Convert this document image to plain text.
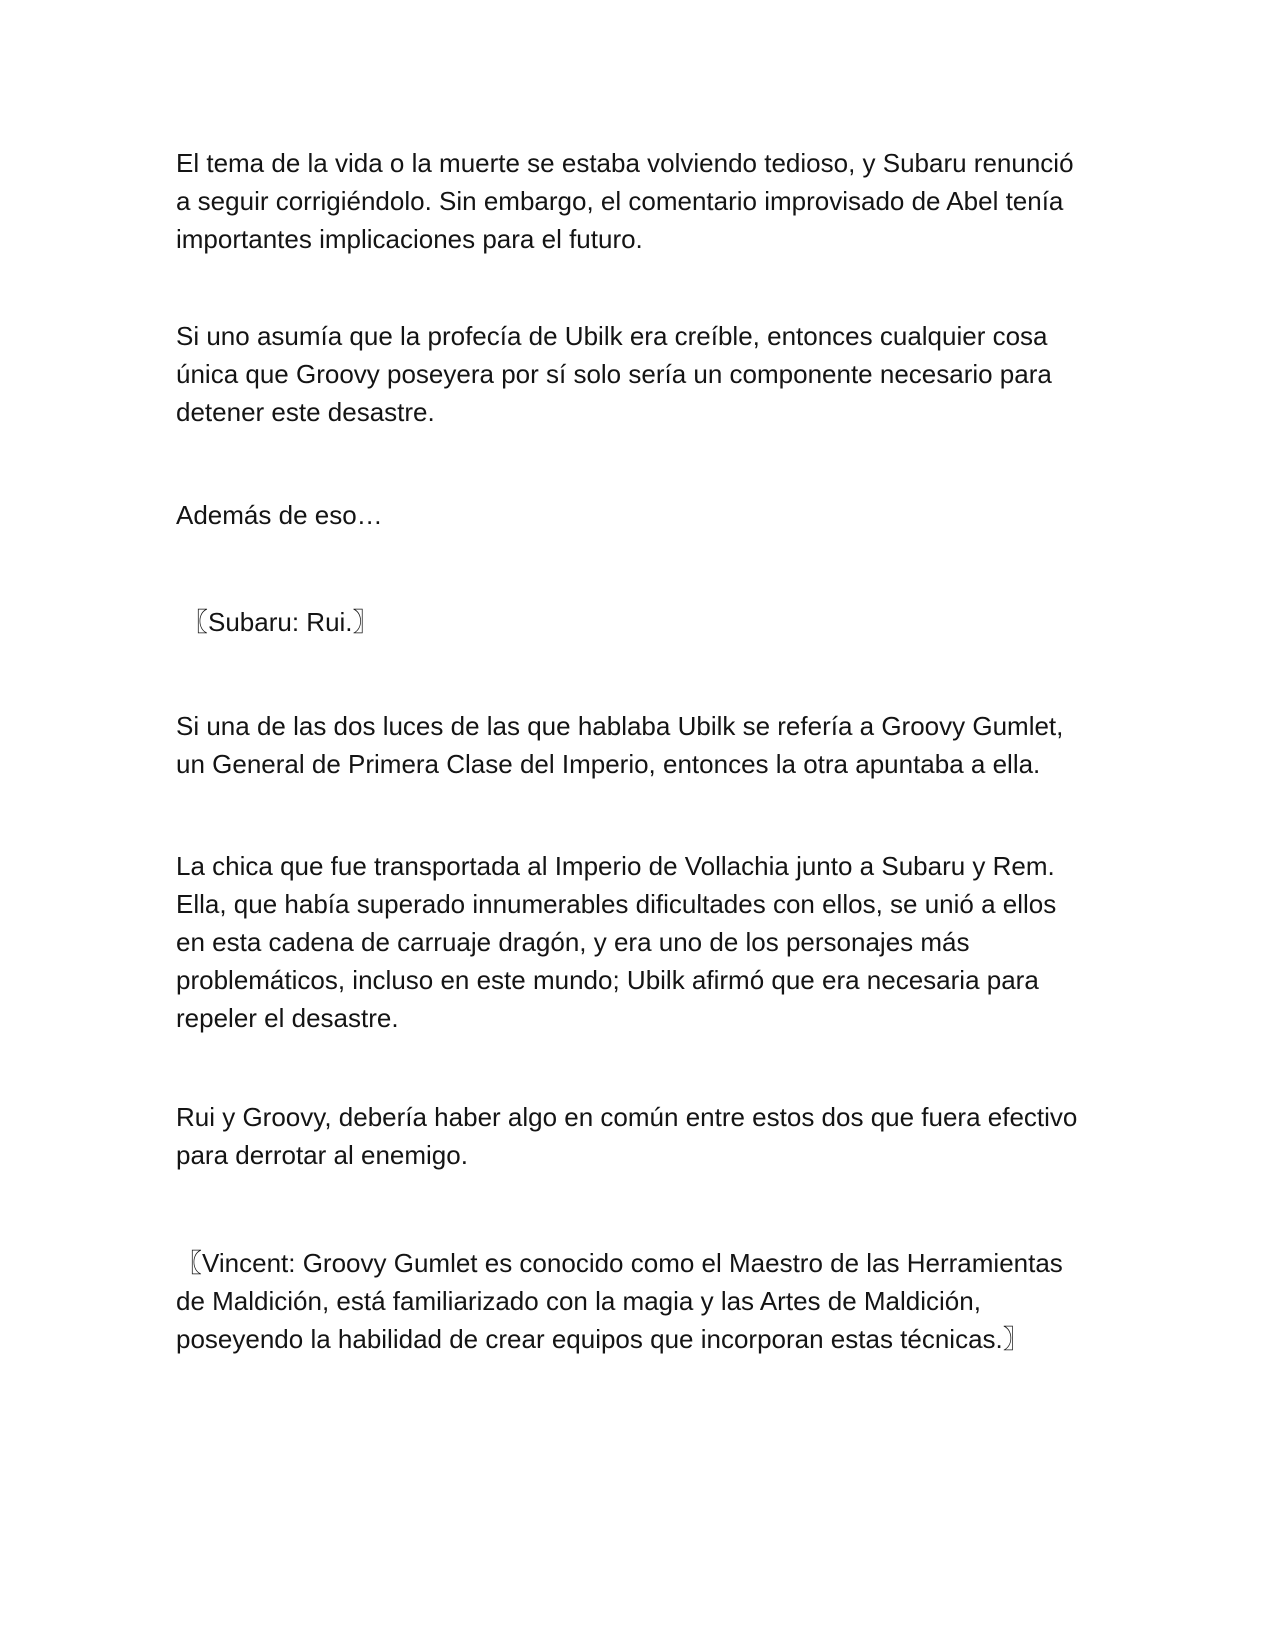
El tema de la vida o la muerte se estaba volviendo tedioso, y Subaru renunció
a seguir corrigiéndolo. Sin embargo, el comentario improvisado de Abel tenía
importantes implicaciones para el futuro.

Si uno asumía que la profecía de Ubilk era creíble, entonces cualquier cosa
única que Groovy poseyera por sí solo sería un componente necesario para
detener este desastre.

Además de eso…

〖Subaru: Rui.〗

Si una de las dos luces de las que hablaba Ubilk se refería a Groovy Gumlet,
un General de Primera Clase del Imperio, entonces la otra apuntaba a ella.

La chica que fue transportada al Imperio de Vollachia junto a Subaru y Rem.
Ella, que había superado innumerables dificultades con ellos, se unió a ellos
en esta cadena de carruaje dragón, y era uno de los personajes más
problemáticos, incluso en este mundo; Ubilk afirmó que era necesaria para
repeler el desastre.

Rui y Groovy, debería haber algo en común entre estos dos que fuera efectivo
para derrotar al enemigo.

〖Vincent: Groovy Gumlet es conocido como el Maestro de las Herramientas
de Maldición, está familiarizado con la magia y las Artes de Maldición,
poseyendo la habilidad de crear equipos que incorporan estas técnicas.〗
